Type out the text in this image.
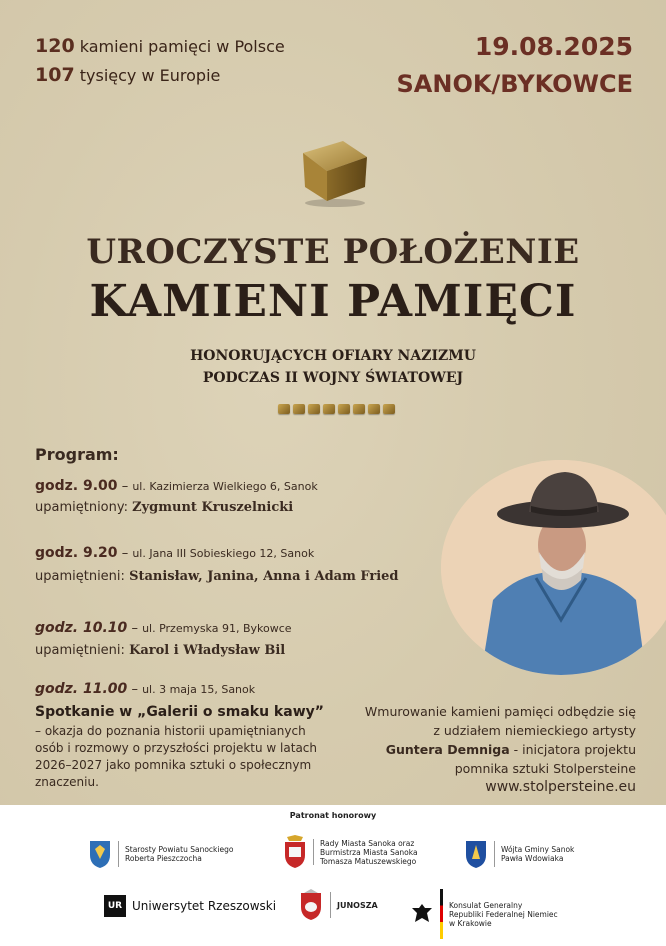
120 kamieni pamięci w Polsce
107 tysięcy w Europie
19.08.2025
SANOK/BYKOWCE
UROCZYSTE POŁOŻENIE
KAMIENI PAMIĘCI
HONORUJĄCYCH OFIARY NAZIZMU
PODCZAS II WOJNY ŚWIATOWEJ
Program:
godz. 9.00 – ul. Kazimierza Wielkiego 6, Sanok
upamiętniony: Zygmunt Kruszelnicki
godz. 9.20 – ul. Jana III Sobieskiego 12, Sanok
upamiętnieni: Stanisław, Janina, Anna i Adam Fried
godz. 10.10 – ul. Przemyska 91, Bykowce
upamiętnieni: Karol i Władysław Bil
godz. 11.00 – ul. 3 maja 15, Sanok
Spotkanie w „Galerii o smaku kawy”
– okazja do poznania historii upamiętnianych osób i rozmowy o przyszłości projektu w latach 2026–2027 jako pomnika sztuki o społecznym znaczeniu.
Wmurowanie kamieni pamięci odbędzie się
z udziałem niemieckiego artysty
Guntera Demniga - inicjatora projektu
pomnika sztuki Stolpersteine
www.stolpersteine.eu
Patronat honorowy
Starosty Powiatu Sanockiego
Roberta Pieszczocha
Rady Miasta Sanoka oraz
Burmistrza Miasta Sanoka
Tomasza Matuszewskiego
Wójta Gminy Sanok
Pawła Wdowiaka
UR Uniwersytet Rzeszowski	JUNOSZA	Konsulat Generalny
Republiki Federalnej Niemiec
w Krakowie
